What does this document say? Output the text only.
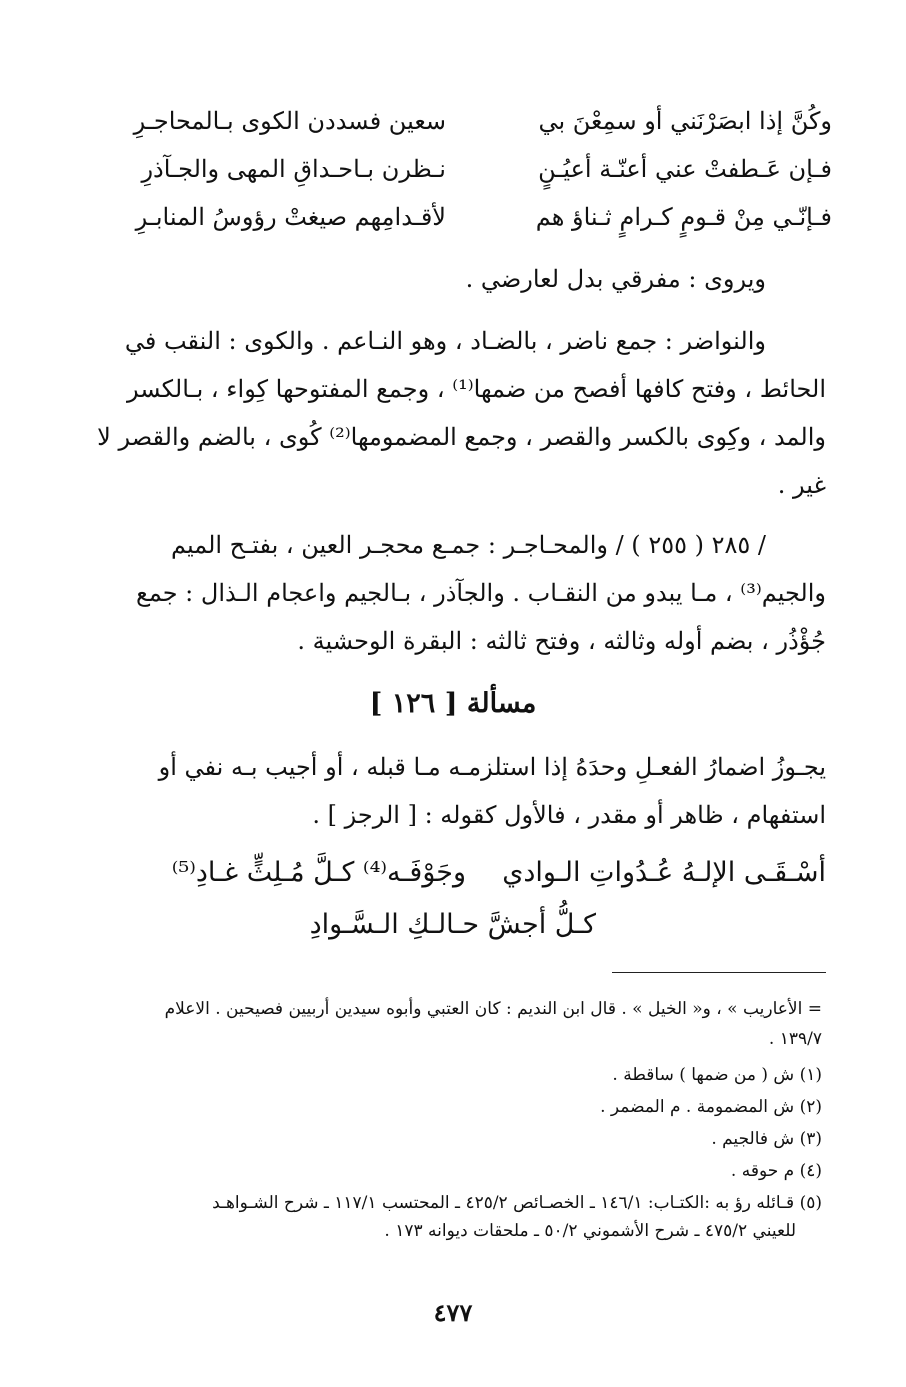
وكُنَّ إذا ابصَرْنَني أو سمِعْنَ بي
سعين فسددن الكوى بـالمحاجـرِ
فـإن عَـطفتْ عني أعنّـة أعيُـنٍ
نـظرن بـاحـداقِ المهى والجـآذرِ
فـإنّـي مِنْ قـومٍ كـرامٍ ثـناؤ هم
لأقـدامِهم صيغتْ رؤوسُ المنابـرِ
ويروى : مفرقي بدل لعارضي .
والنواضر : جمع ناضر ، بالضـاد ، وهو النـاعم . والكوى : النقب في
الحائط ، وفتح كافها أفصح من ضمها⁽¹⁾ ، وجمع المفتوحها كِواء ، بـالكسر
والمد ، وكِوى بالكسر والقصر ، وجمع المضمومها⁽²⁾ كُوى ، بالضم والقصر لا
غير .
/ ٢٨٥ ( ٢٥٥ ) / والمحـاجـر : جمـع محجـر العين ، بفتـح الميم
والجيم⁽³⁾ ، مـا يبدو من النقـاب . والجآذر ، بـالجيم واعجام الـذال : جمع
جُؤْذُر ، بضم أوله وثالثه ، وفتح ثالثه : البقرة الوحشية .
مسألة [ ١٢٦ ]
يجـوزُ اضمارُ الفعـلِ وحدَهُ إذا استلزمـه مـا قبله ، أو أجيب بـه نفي أو
استفهام ، ظاهر أو مقدر ، فالأول كقوله : [ الرجز ] .
أسْـقَـى الإلـهُ عُـدُواتِ الـوادي
وجَوْفَـه⁽⁴⁾ كـلَّ مُـلِثٍّ غـادِ⁽⁵⁾
كـلُّ أجشَّ حـالـكِ الـسَّـوادِ
= الأعاريب » ، و« الخيل » . قال ابن النديم : كان العتبي وأبوه سيدين أربيين فصيحين . الاعلام
١٣٩/٧ .
(١) ش ( من ضمها ) ساقطة .
(٢) ش المضمومة . م المضمر .
(٣) ش فالجيم .
(٤) م حوقه .
(٥) قـائله رؤ به :الكتـاب: ١٤٦/١ ـ الخصـائص ٤٢٥/٢ ـ المحتسب ١١٧/١ ـ شرح الشـواهـد
للعيني ٤٧٥/٢ ـ شرح الأشموني ٥٠/٢ ـ ملحقات ديوانه ١٧٣ .
٤٧٧
